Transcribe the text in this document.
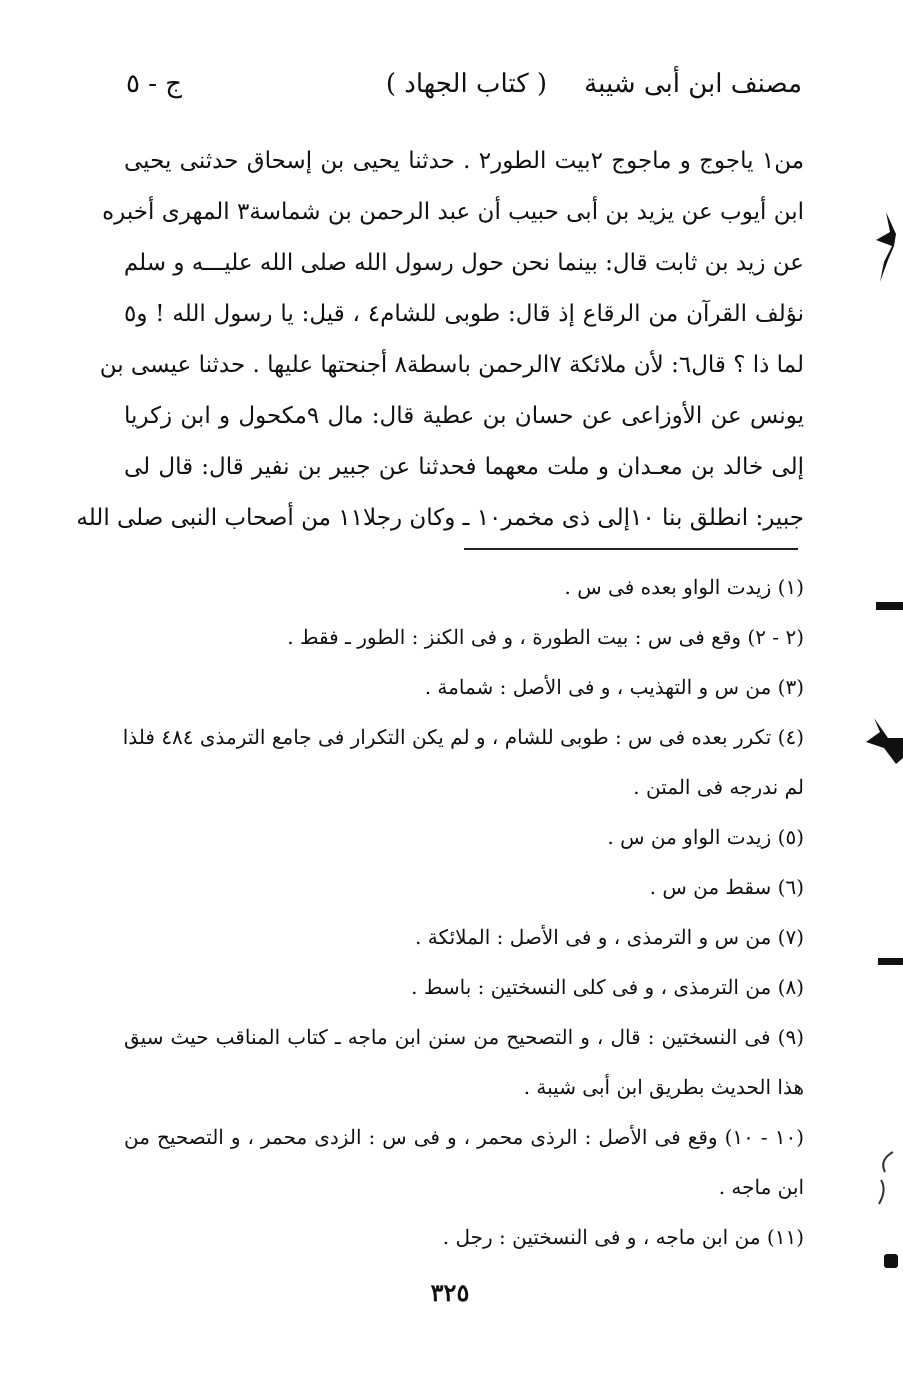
مصنف ابن أبى شيبة
( كتاب الجهاد )
ج - ٥
من١ ياجوج و ماجوج ٢بيت الطور٢ . حدثنا يحيى بن إسحاق حدثنى يحيى
ابن أيوب عن يزيد بن أبى حبيب أن عبد الرحمن بن شماسة٣ المهرى أخبره
عن زيد بن ثابت قال: بينما نحن حول رسول الله صلى الله عليـــه و سلم
نؤلف القرآن من الرقاع إذ قال: طوبى للشام٤ ، قيل: يا رسول الله ! و٥
لما ذا ؟ قال٦: لأن ملائكة ٧الرحمن باسطة٨ أجنحتها عليها . حدثنا عيسى بن
يونس عن الأوزاعى عن حسان بن عطية قال: مال ٩مكحول و ابن زكريا
إلى خالد بن معـدان و ملت معهما فحدثنا عن جبير بن نفير قال: قال لى
جبير: انطلق بنا ١٠إلى ذى مخمر١٠ ـ وكان رجلا١١ من أصحاب النبى صلى الله
(١) زيدت الواو بعده فى س .
(٢ - ٢) وقع فى س : بيت الطورة ، و فى الكنز : الطور ـ فقط .
(٣) من س و التهذيب ، و فى الأصل : شمامة .
(٤) تكرر بعده فى س : طوبى للشام ، و لم يكن التكرار فى جامع الترمذى ٤٨٤ فلذا
لم ندرجه فى المتن .
(٥) زيدت الواو من س .
(٦) سقط من س .
(٧) من س و الترمذى ، و فى الأصل : الملائكة .
(٨) من الترمذى ، و فى كلى النسختين : باسط .
(٩) فى النسختين : قال ، و التصحيح من سنن ابن ماجه ـ كتاب المناقب حيث سيق
هذا الحديث بطريق ابن أبى شيبة .
(١٠ - ١٠) وقع فى الأصل : الرذى محمر ، و فى س : الزدى محمر ، و التصحيح من
ابن ماجه .
(١١) من ابن ماجه ، و فى النسختين : رجل .
٣٢٥
